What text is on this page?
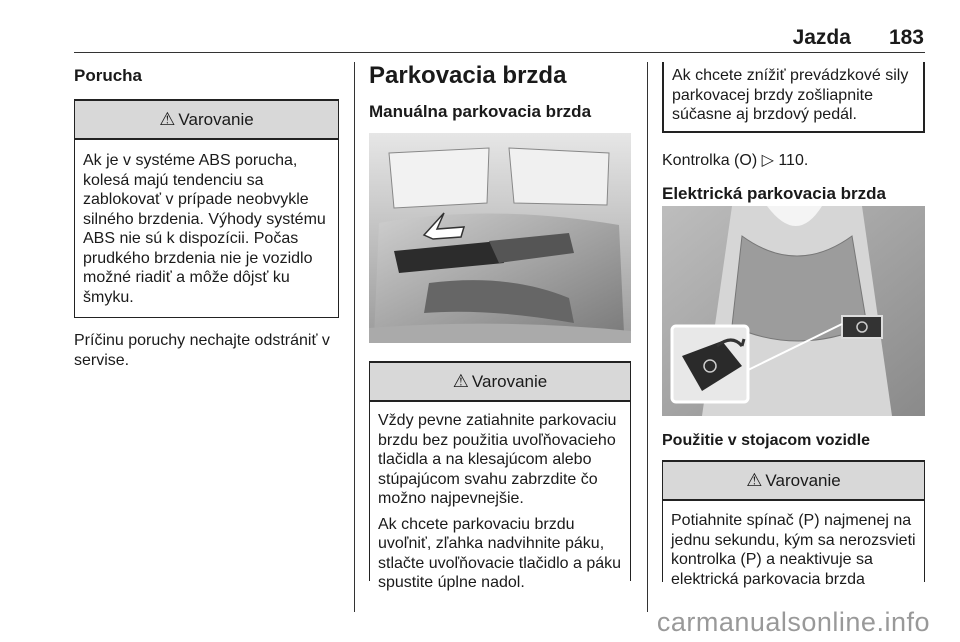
Jazda 183
Porucha
⚠ Varovanie
Ak je v systéme ABS porucha, kolesá majú tendenciu sa zablokovať v prípade neobvykle silného brzdenia. Výhody systému ABS nie sú k dispozícii. Počas prudkého brzdenia nie je vozidlo možné riadiť a môže dôjsť ku šmyku.
Príčinu poruchy nechajte odstrániť v servise.
Parkovacia brzda
Manuálna parkovacia brzda
⚠ Varovanie
Vždy pevne zatiahnite parkovaciu brzdu bez použitia uvoľňovacieho tlačidla a na klesajúcom alebo stúpajúcom svahu zabrzdite čo možno najpevnejšie.
Ak chcete parkovaciu brzdu uvoľniť, zľahka nadvihnite páku, stlačte uvoľňovacie tlačidlo a páku spustite úplne nadol.
Ak chcete znížiť prevádzkové sily parkovacej brzdy zošliapnite súčasne aj brzdový pedál.
Kontrolka (O) ▷ 110.
Elektrická parkovacia brzda
Použitie v stojacom vozidle
⚠ Varovanie
Potiahnite spínač (P) najmenej na jednu sekundu, kým sa nerozsvieti kontrolka (P) a neaktivuje sa elektrická parkovacia brzda
carmanualsonline.info
